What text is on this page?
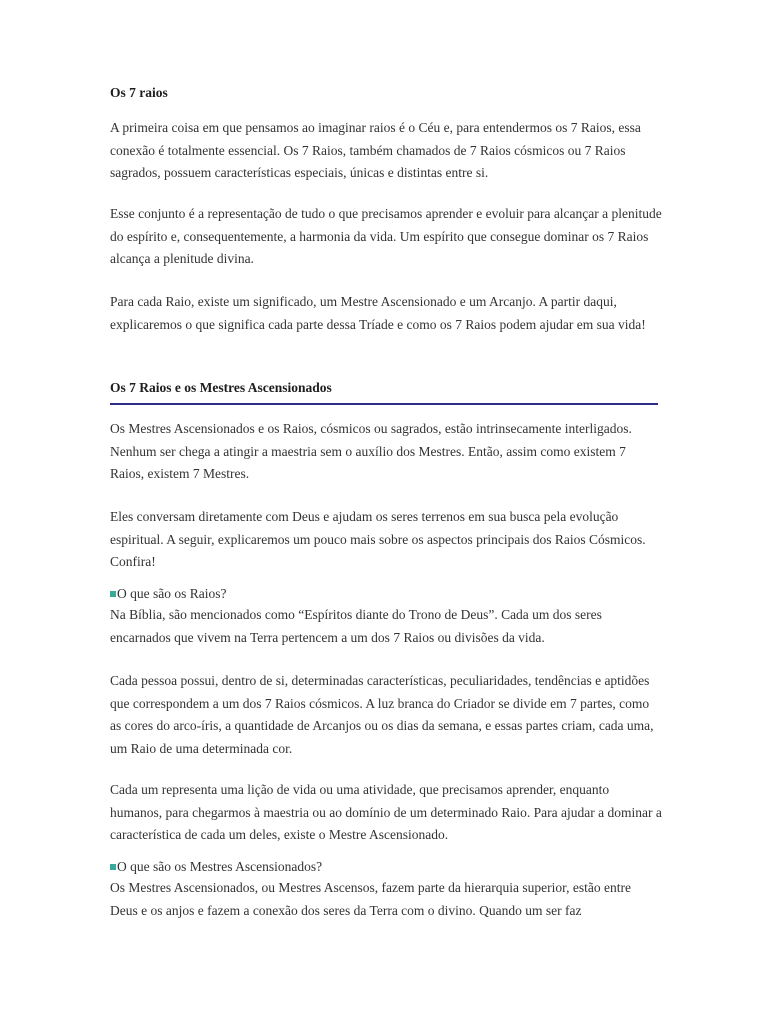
Os 7 raios

A primeira coisa em que pensamos ao imaginar raios é o Céu e, para entendermos os 7 Raios, essa conexão é totalmente essencial. Os 7 Raios, também chamados de 7 Raios cósmicos ou 7 Raios sagrados, possuem características especiais, únicas e distintas entre si.

Esse conjunto é a representação de tudo o que precisamos aprender e evoluir para alcançar a plenitude do espírito e, consequentemente, a harmonia da vida. Um espírito que consegue dominar os 7 Raios alcança a plenitude divina.

Para cada Raio, existe um significado, um Mestre Ascensionado e um Arcanjo. A partir daqui, explicaremos o que significa cada parte dessa Tríade e como os 7 Raios podem ajudar em sua vida!

Os 7 Raios e os Mestres Ascensionados

Os Mestres Ascensionados e os Raios, cósmicos ou sagrados, estão intrinsecamente interligados. Nenhum ser chega a atingir a maestria sem o auxílio dos Mestres. Então, assim como existem 7 Raios, existem 7 Mestres.

Eles conversam diretamente com Deus e ajudam os seres terrenos em sua busca pela evolução espiritual. A seguir, explicaremos um pouco mais sobre os aspectos principais dos Raios Cósmicos. Confira!

O que são os Raios?

Na Bíblia, são mencionados como “Espíritos diante do Trono de Deus”. Cada um dos seres encarnados que vivem na Terra pertencem a um dos 7 Raios ou divisões da vida.

Cada pessoa possui, dentro de si, determinadas características, peculiaridades, tendências e aptidões que correspondem a um dos 7 Raios cósmicos. A luz branca do Criador se divide em 7 partes, como as cores do arco-íris, a quantidade de Arcanjos ou os dias da semana, e essas partes criam, cada uma, um Raio de uma determinada cor.

Cada um representa uma lição de vida ou uma atividade, que precisamos aprender, enquanto humanos, para chegarmos à maestria ou ao domínio de um determinado Raio. Para ajudar a dominar a característica de cada um deles, existe o Mestre Ascensionado.

O que são os Mestres Ascensionados?

Os Mestres Ascensionados, ou Mestres Ascensos, fazem parte da hierarquia superior, estão entre Deus e os anjos e fazem a conexão dos seres da Terra com o divino. Quando um ser faz
